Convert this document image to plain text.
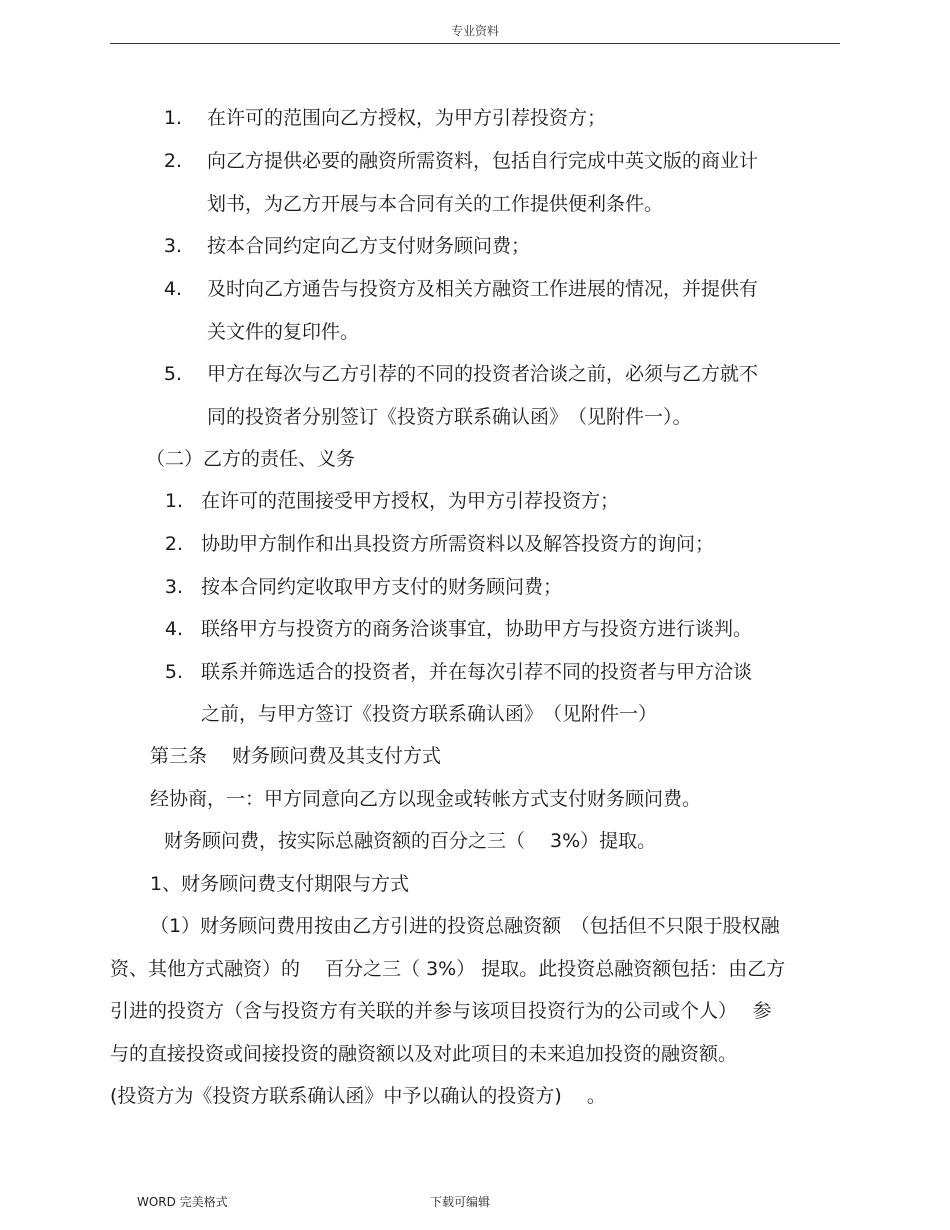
专业资料
1. 在许可的范围向乙方授权，为甲方引荐投资方；
2. 向乙方提供必要的融资所需资料，包括自行完成中英文版的商业计
划书，为乙方开展与本合同有关的工作提供便利条件。
3. 按本合同约定向乙方支付财务顾问费；
4. 及时向乙方通告与投资方及相关方融资工作进展的情况，并提供有
关文件的复印件。
5. 甲方在每次与乙方引荐的不同的投资者洽谈之前，必须与乙方就不
同的投资者分别签订《投资方联系确认函》　（见附件一）。
（二）乙方的责任、义务
1. 在许可的范围接受甲方授权，为甲方引荐投资方；
2. 协助甲方制作和出具投资方所需资料以及解答投资方的询问；
3. 按本合同约定收取甲方支付的财务顾问费；
4. 联络甲方与投资方的商务洽谈事宜，协助甲方与投资方进行谈判。
5. 联系并筛选适合的投资者，并在每次引荐不同的投资者与甲方洽谈
之前，与甲方签订《投资方联系确认函》　（见附件一）
第三条　 财务顾问费及其支付方式
经协商，一：甲方同意向乙方以现金或转帐方式支付财务顾问费。
财务顾问费，按实际总融资额的百分之三（　 3%）提取。
1、财务顾问费支付期限与方式
（1）财务顾问费用按由乙方引进的投资总融资额　（包括但不只限于股权融
资、其他方式融资）的　 百分之三（ 3%） 提取。此投资总融资额包括：由乙方
引进的投资方（含与投资方有关联的并参与该项目投资行为的公司或个人）　 参
与的直接投资或间接投资的融资额以及对此项目的未来追加投资的融资额。
(投资方为《投资方联系确认函》中予以确认的投资方)　 。
WORD 完美格式	下载可编辑
